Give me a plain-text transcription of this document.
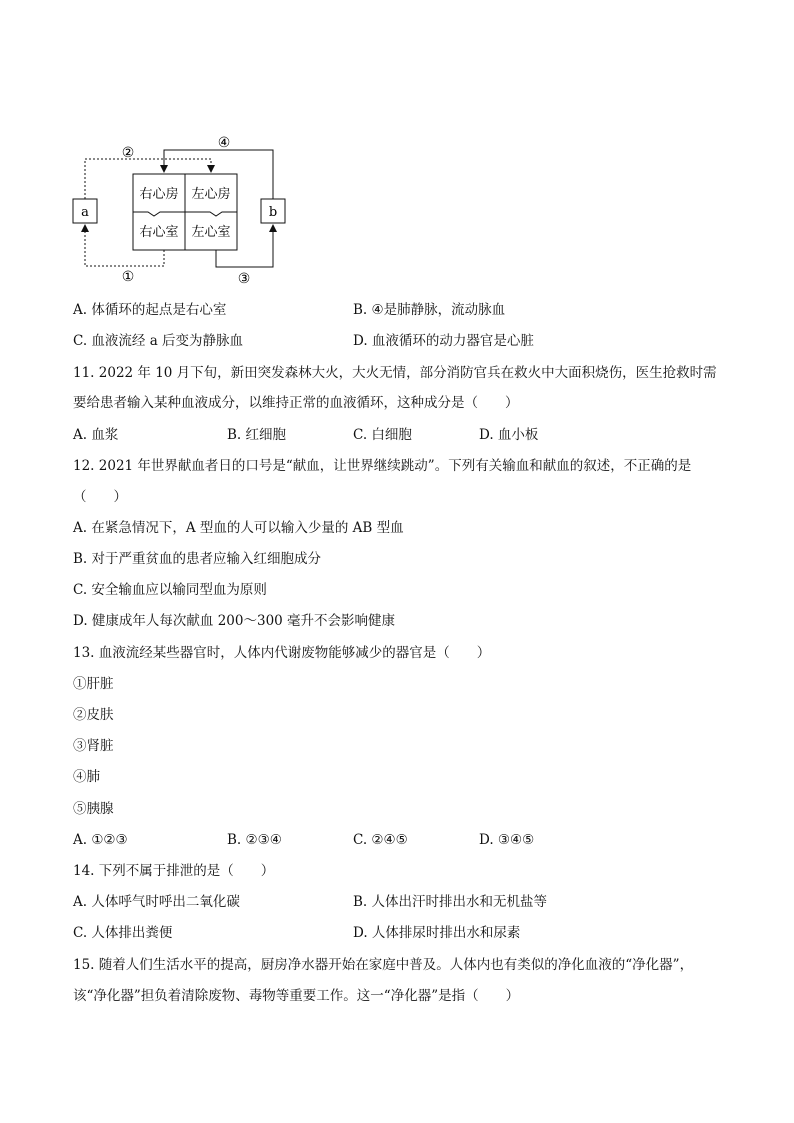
右心房 左心房
右心室 左心室
a	b
①
②
③
④
A. 体循环的起点是右心室	B. ④是肺静脉，流动脉血
C. 血液流经 a 后变为静脉血	D. 血液循环的动力器官是心脏
11. 2022 年 10 月下旬，新田突发森林大火，大火无情，部分消防官兵在救火中大面积烧伤，医生抢救时需
要给患者输入某种血液成分，以维持正常的血液循环，这种成分是（　　）
A. 血浆	B. 红细胞	C. 白细胞	D. 血小板
12. 2021 年世界献血者日的口号是“献血，让世界继续跳动”。下列有关输血和献血的叙述，不正确的是
（　　）
A. 在紧急情况下，A 型血的人可以输入少量的 AB 型血
B. 对于严重贫血的患者应输入红细胞成分
C. 安全输血应以输同型血为原则
D. 健康成年人每次献血 200～300 毫升不会影响健康
13. 血液流经某些器官时，人体内代谢废物能够减少的器官是（　　）
①肝脏
②皮肤
③肾脏
④肺
⑤胰腺
A. ①②③	B. ②③④	C. ②④⑤	D. ③④⑤
14. 下列不属于排泄的是（　　）
A. 人体呼气时呼出二氧化碳	B. 人体出汗时排出水和无机盐等
C. 人体排出粪便	D. 人体排尿时排出水和尿素
15. 随着人们生活水平的提高，厨房净水器开始在家庭中普及。人体内也有类似的净化血液的“净化器”，
该“净化器”担负着清除废物、毒物等重要工作。这一“净化器”是指（　　）
